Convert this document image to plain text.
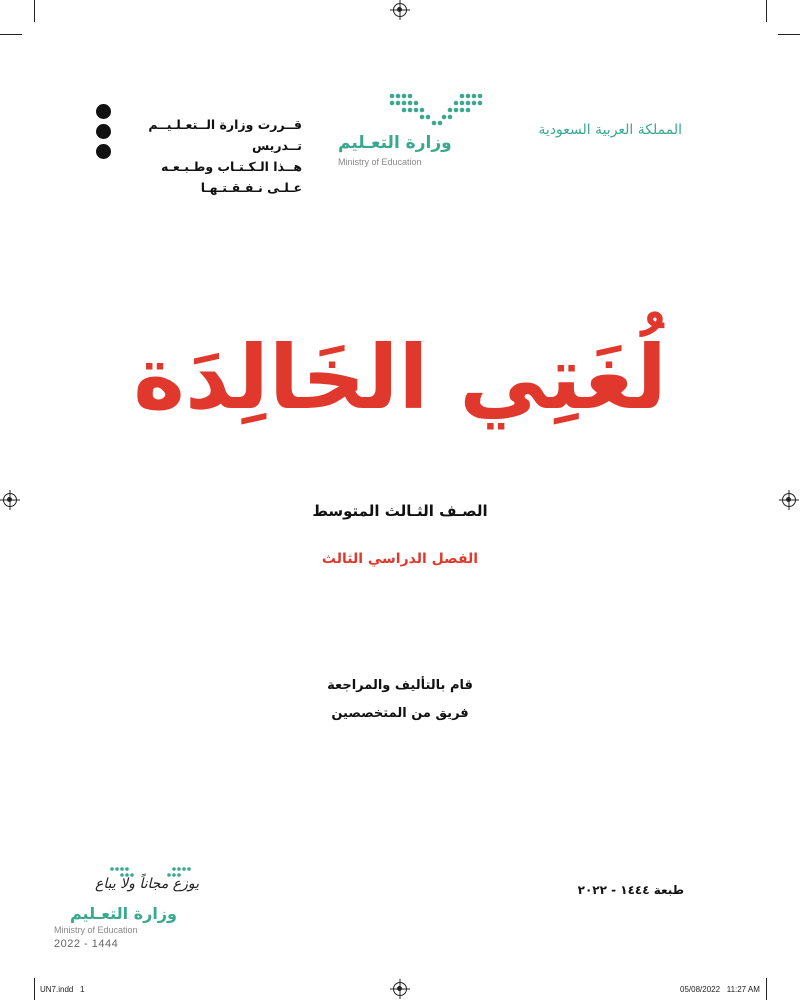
المملكة العربية السعودية
وزارة التعـليم
Ministry of Education
قــررت وزارة الــتعـلـيــم تــدريس
هــذا الـكـتـاب وطـبـعـه عـلـى نـفـقـتـهـا
لُغَتِي الخَالِدَة
الصـف الثـالث المتوسط
الفصل الدراسي الثالث
قام بالتأليف والمراجعة
فريق من المتخصصين
طبعة ١٤٤٤ - ٢٠٢٢
يوزع مجاناً ولا يباع
وزارة التعـليم
Ministry of Education
2022 - 1444
UN7.indd   1	05/08/2022   11:27 AM
